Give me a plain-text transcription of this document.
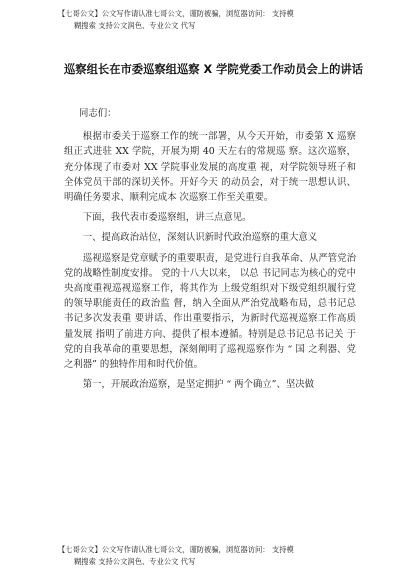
【七哥公文】公文写作请认准七哥公文，谨防被骗，浏览器访问： 支持模
糊搜索 支持公文润色、专业公文 代写
巡察组长在市委巡察组巡察 X 学院党委工作动员会上的讲话

同志们：

根据市委关于巡察工作的统一部署，从今天开始，市委第 X 巡察组正式进驻 XX 学院，开展为期 40 天左右的常规巡 察。这次巡察，充分体现了市委对 XX 学院事业发展的高度重 视，对学院领导班子和全体党员干部的深切关怀。开好今天 的动员会，对于统一思想认识、 明确任务要求、顺利完成本 次巡察工作至关重要。

下面，我代表市委巡察组，讲三点意见。

一、提高政治站位，深刻认识新时代政治巡察的重大意义

巡视巡察是党章赋予的重要职责，是党进行自我革命、从严管党治党的战略性制度安排。 党的十八大以来， 以总 书记同志为核心的党中央高度重视巡视巡察工作，将其作为 上级党组织对下级党组织履行党的领导职能责任的政治监 督，纳入全面从严治党战略布局，总书记总书记多次发表重 要讲话、作出重要指示，为新时代巡视巡察工作高质量发展 指明了前进方向、提供了根本遵循。特别是总书记总书记关 于党的自我革命的重要思想，深刻阐明了巡视巡察作为 “ 国 之利器、党之利器” 的独特作用和时代价值。

第一，开展政治巡察，是坚定拥护 “ 两个确立”、坚决做

【七哥公文】公文写作请认准七哥公文，谨防被骗，浏览器访问： 支持模
糊搜索 支持公文润色、专业公文 代写
